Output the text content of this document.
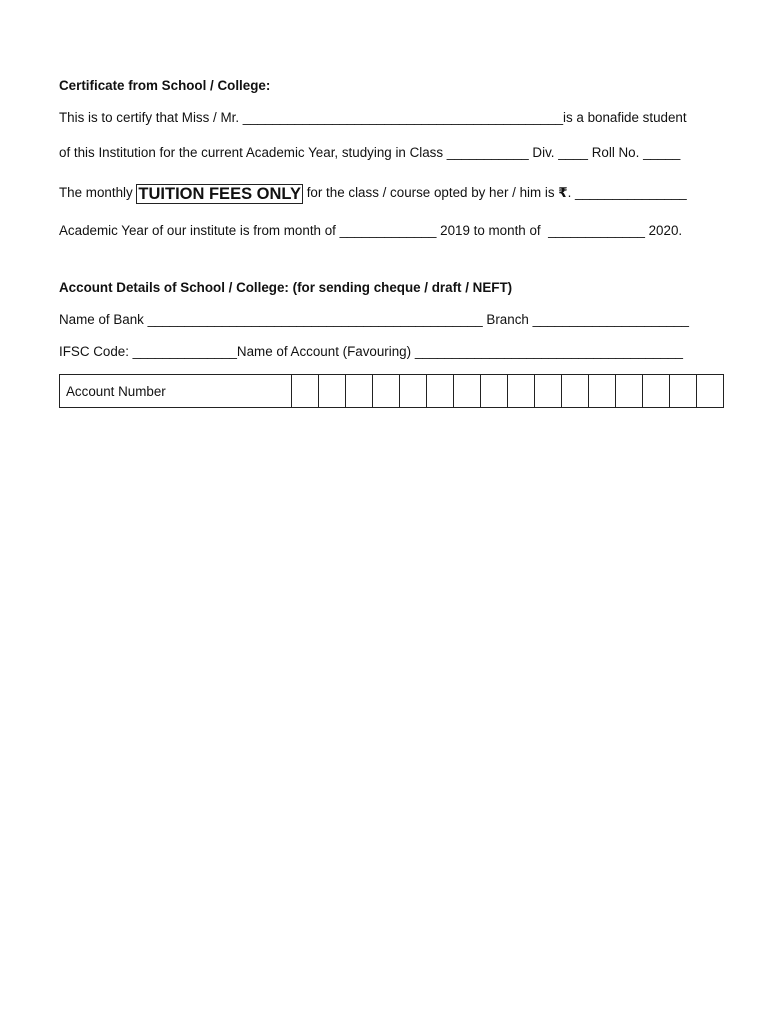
Certificate from School / College:
This is to certify that Miss / Mr. ___________________________________________is a bonafide student
of this Institution for the current Academic Year, studying in Class ___________ Div. ____ Roll No. _____
The monthly TUITION FEES ONLY for the class / course opted by her / him is ₹. _______________
Academic Year of our institute is from month of _____________ 2019 to month of  _____________ 2020.
Account Details of School / College: (for sending cheque / draft / NEFT)
Name of Bank _____________________________________________ Branch _____________________
IFSC Code: ______________Name of Account (Favouring) ____________________________________
Account Number																
